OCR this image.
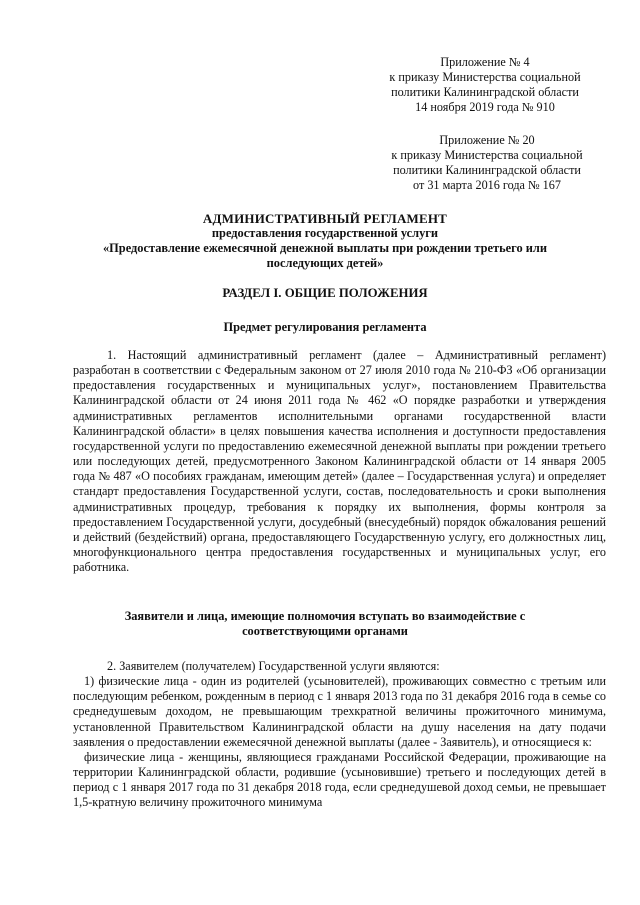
Приложение № 4
к приказу Министерства социальной
политики Калининградской области
14 ноября 2019 года № 910
Приложение № 20
к приказу Министерства социальной
политики Калининградской области
от 31 марта 2016 года № 167
АДМИНИСТРАТИВНЫЙ РЕГЛАМЕНТ
предоставления государственной услуги
«Предоставление ежемесячной денежной выплаты при рождении третьего или
последующих детей»
РАЗДЕЛ I. ОБЩИЕ ПОЛОЖЕНИЯ
Предмет регулирования регламента

1. Настоящий административный регламент (далее – Административный регламент) разработан в соответствии с Федеральным законом от 27 июля 2010 года № 210-ФЗ «Об организации предоставления государственных и муниципальных услуг», постановлением Правительства Калининградской области от 24 июня 2011 года № 462 «О порядке разработки и утверждения административных регламентов исполнительными органами государственной власти Калининградской области» в целях повышения качества исполнения и доступности предоставления государственной услуги по предоставлению ежемесячной денежной выплаты при рождении третьего или последующих детей, предусмотренного Законом Калининградской области от 14 января 2005 года № 487 «О пособиях гражданам, имеющим детей» (далее – Государственная услуга) и определяет стандарт предоставления Государственной услуги, состав, последовательность и сроки выполнения административных процедур, требования к порядку их выполнения, формы контроля за предоставлением Государственной услуги, досудебный (внесудебный) порядок обжалования решений и действий (бездействий) органа, предоставляющего Государственную услугу, его должностных лиц, многофункционального центра предоставления государственных и муниципальных услуг, его работника.

Заявители и лица, имеющие полномочия вступать во взаимодействие с
соответствующими органами

2. Заявителем (получателем) Государственной услуги являются:

1) физические лица - один из родителей (усыновителей), проживающих совместно с третьим или последующим ребенком, рожденным в период с 1 января 2013 года по 31 декабря 2016 года в семье со среднедушевым доходом, не превышающим трехкратной величины прожиточного минимума, установленной Правительством Калининградской области на душу населения на дату подачи заявления о предоставлении ежемесячной денежной выплаты (далее - Заявитель), и относящиеся к:

физические лица - женщины, являющиеся гражданами Российской Федерации, проживающие на территории Калининградской области, родившие (усыновившие) третьего и последующих детей в период с 1 января 2017 года по 31 декабря 2018 года, если среднедушевой доход семьи, не превышает 1,5-кратную величину прожиточного минимума
